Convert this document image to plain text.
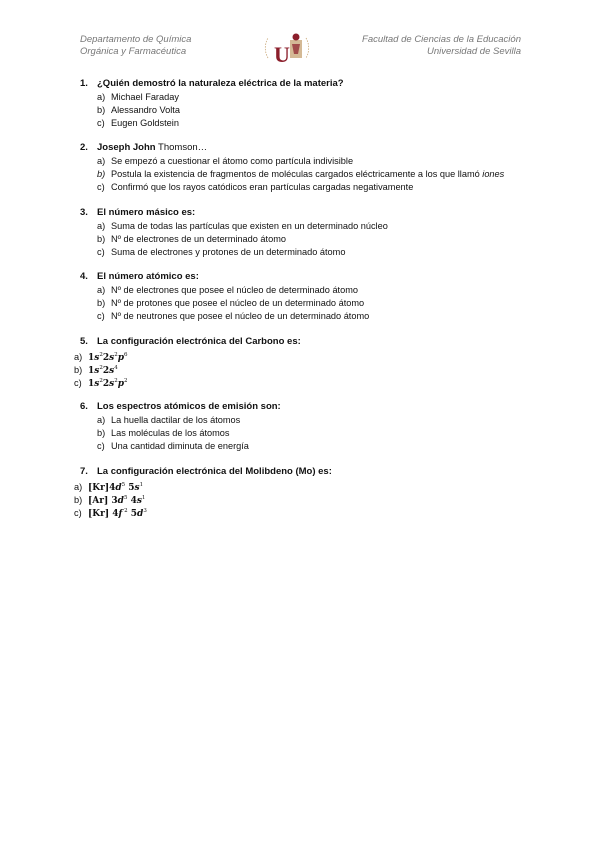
Departamento de Química
Orgánica y Farmacéutica	U
Facultad de Ciencias de la Educación
Universidad de Sevilla
1. ¿Quién demostró la naturaleza eléctrica de la materia?
a) Michael Faraday
b) Alessandro Volta
c) Eugen Goldstein
2. Joseph John Thomson…
a) Se empezó a cuestionar el átomo como partícula indivisible
b) Postula la existencia de fragmentos de moléculas cargados eléctricamente a los que llamó iones
c) Confirmó que los rayos catódicos eran partículas cargadas negativamente
3. El número másico es:
a) Suma de todas las partículas que existen en un determinado núcleo
b) Nº de electrones de un determinado átomo
c) Suma de electrones y protones de un determinado átomo
4. El número atómico es:
a) Nº de electrones que posee el núcleo de determinado átomo
b) Nº de protones que posee el núcleo de un determinado átomo
c) Nº de neutrones que posee el núcleo de un determinado átomo
5. La configuración electrónica del Carbono es:
a) $1s^22s^2p^6$
b) $1s^22s^4$
c) $1s^22s^2p^2$
6. Los espectros atómicos de emisión son:
a) La huella dactilar de los átomos
b) Las moléculas de los átomos
c) Una cantidad diminuta de energía
7. La configuración electrónica del Molibdeno (Mo) es:
a) $[Kr]4d^5$ $5s^1$
b) [Ar] $3d^5$ $4s^1$
c) [Kr] 4f $^2$ $5d^3$
